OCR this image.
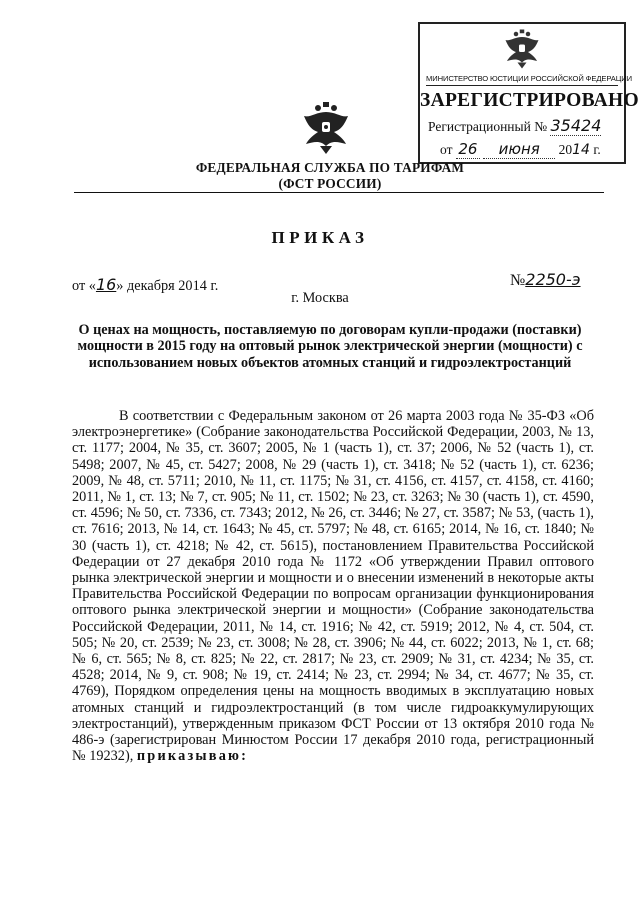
МИНИСТЕРСТВО ЮСТИЦИИ РОССИЙСКОЙ ФЕДЕРАЦИИ
ЗАРЕГИСТРИРОВАНО
Регистрационный № 35424
от 26 июня 2014 г.
ФЕДЕРАЛЬНАЯ СЛУЖБА ПО ТАРИФАМ
(ФСТ РОССИИ)
ПРИКАЗ
от «16» декабря 2014 г.	№2250-э
г. Москва
О ценах на мощность, поставляемую по договорам купли-продажи (поставки) мощности в 2015 году на оптовый рынок электрической энергии (мощности) с использованием новых объектов атомных станций и гидроэлектростанций

В соответствии с Федеральным законом от 26 марта 2003 года № 35-ФЗ «Об электроэнергетике» (Собрание законодательства Российской Федерации, 2003, № 13, ст. 1177; 2004, № 35, ст. 3607; 2005, № 1 (часть 1), ст. 37; 2006, № 52 (часть 1), ст. 5498; 2007, № 45, ст. 5427; 2008, № 29 (часть 1), ст. 3418; № 52 (часть 1), ст. 6236; 2009, № 48, ст. 5711; 2010, № 11, ст. 1175; № 31, ст. 4156, ст. 4157, ст. 4158, ст. 4160; 2011, № 1, ст. 13; № 7, ст. 905; № 11, ст. 1502; № 23, ст. 3263; № 30 (часть 1), ст. 4590, ст. 4596; № 50, ст. 7336, ст. 7343; 2012, № 26, ст. 3446; № 27, ст. 3587; № 53, (часть 1), ст. 7616; 2013, № 14, ст. 1643; № 45, ст. 5797; № 48, ст. 6165; 2014, № 16, ст. 1840; № 30 (часть 1), ст. 4218; № 42, ст. 5615), постановлением Правительства Российской Федерации от 27 декабря 2010 года № 1172 «Об утверждении Правил оптового рынка электрической энергии и мощности и о внесении изменений в некоторые акты Правительства Российской Федерации по вопросам организации функционирования оптового рынка электрической энергии и мощности» (Собрание законодательства Российской Федерации, 2011, № 14, ст. 1916; № 42, ст. 5919; 2012, № 4, ст. 504, ст. 505; № 20, ст. 2539; № 23, ст. 3008; № 28, ст. 3906; № 44, ст. 6022; 2013, № 1, ст. 68; № 6, ст. 565; № 8, ст. 825; № 22, ст. 2817; № 23, ст. 2909; № 31, ст. 4234; № 35, ст. 4528; 2014, № 9, ст. 908; № 19, ст. 2414; № 23, ст. 2994; № 34, ст. 4677; № 35, ст. 4769), Порядком определения цены на мощность вводимых в эксплуатацию новых атомных станций и гидроэлектростанций (в том числе гидроаккумулирующих электростанций), утвержденным приказом ФСТ России от 13 октября 2010 года № 486-э (зарегистрирован Минюстом России 17 декабря 2010 года, регистрационный № 19232), приказываю:
